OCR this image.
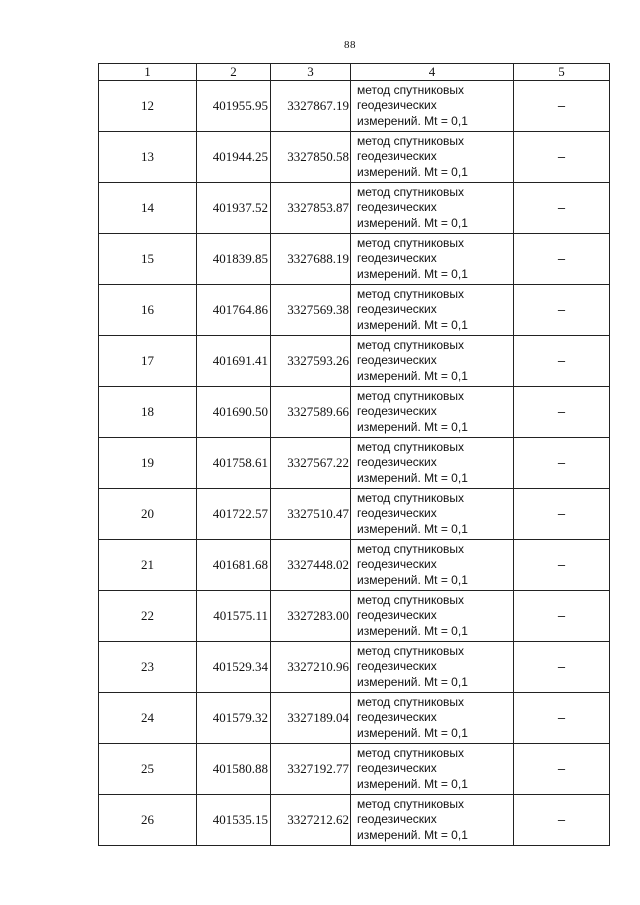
88
1	2	3	4	5
12	401955.95	3327867.19	метод спутниковых
геодезических
измерений. Mt = 0,1	–
13	401944.25	3327850.58	метод спутниковых
геодезических
измерений. Mt = 0,1	–
14	401937.52	3327853.87	метод спутниковых
геодезических
измерений. Mt = 0,1	–
15	401839.85	3327688.19	метод спутниковых
геодезических
измерений. Mt = 0,1	–
16	401764.86	3327569.38	метод спутниковых
геодезических
измерений. Mt = 0,1	–
17	401691.41	3327593.26	метод спутниковых
геодезических
измерений. Mt = 0,1	–
18	401690.50	3327589.66	метод спутниковых
геодезических
измерений. Mt = 0,1	–
19	401758.61	3327567.22	метод спутниковых
геодезических
измерений. Mt = 0,1	–
20	401722.57	3327510.47	метод спутниковых
геодезических
измерений. Mt = 0,1	–
21	401681.68	3327448.02	метод спутниковых
геодезических
измерений. Mt = 0,1	–
22	401575.11	3327283.00	метод спутниковых
геодезических
измерений. Mt = 0,1	–
23	401529.34	3327210.96	метод спутниковых
геодезических
измерений. Mt = 0,1	–
24	401579.32	3327189.04	метод спутниковых
геодезических
измерений. Mt = 0,1	–
25	401580.88	3327192.77	метод спутниковых
геодезических
измерений. Mt = 0,1	–
26	401535.15	3327212.62	метод спутниковых
геодезических
измерений. Mt = 0,1	–
